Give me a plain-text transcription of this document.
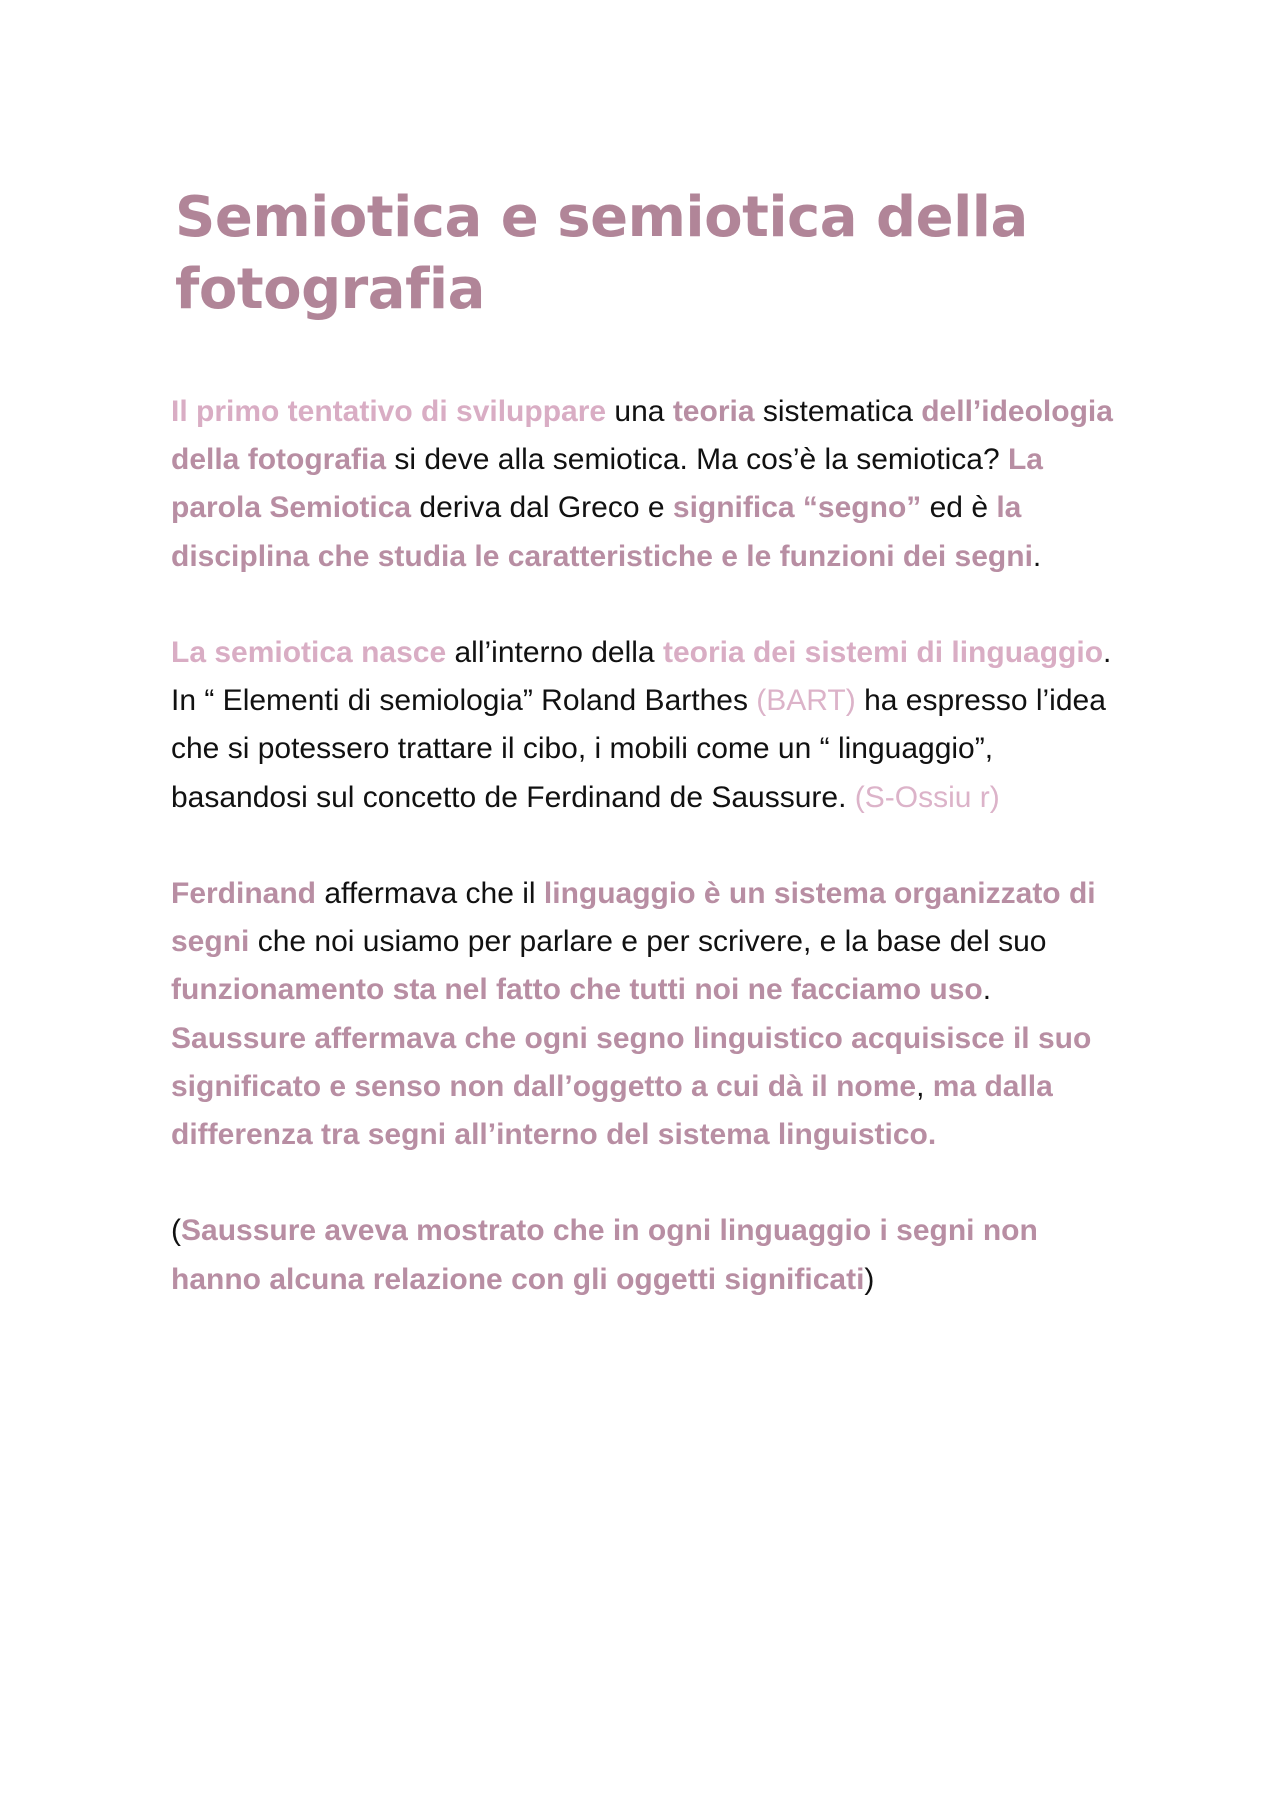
Semiotica e semiotica della fotografia

Il primo tentativo di sviluppare una teoria sistematica dell’ideologia della fotografia si deve alla semiotica. Ma cos’è la semiotica? La parola Semiotica deriva dal Greco e significa “segno” ed è la disciplina che studia le caratteristiche e le funzioni dei segni.

La semiotica nasce all’interno della teoria dei sistemi di linguaggio. In “ Elementi di semiologia” Roland Barthes (BART) ha espresso l’idea che si potessero trattare il cibo, i mobili come un “ linguaggio”, basandosi sul concetto de Ferdinand de Saussure. (S-Ossiu r)

Ferdinand affermava che il linguaggio è un sistema organizzato di segni che noi usiamo per parlare e per scrivere, e la base del suo funzionamento sta nel fatto che tutti noi ne facciamo uso. Saussure affermava che ogni segno linguistico acquisisce il suo significato e senso non dall’oggetto a cui dà il nome, ma dalla differenza tra segni all’interno del sistema linguistico.

(Saussure aveva mostrato che in ogni linguaggio i segni non hanno alcuna relazione con gli oggetti significati)
